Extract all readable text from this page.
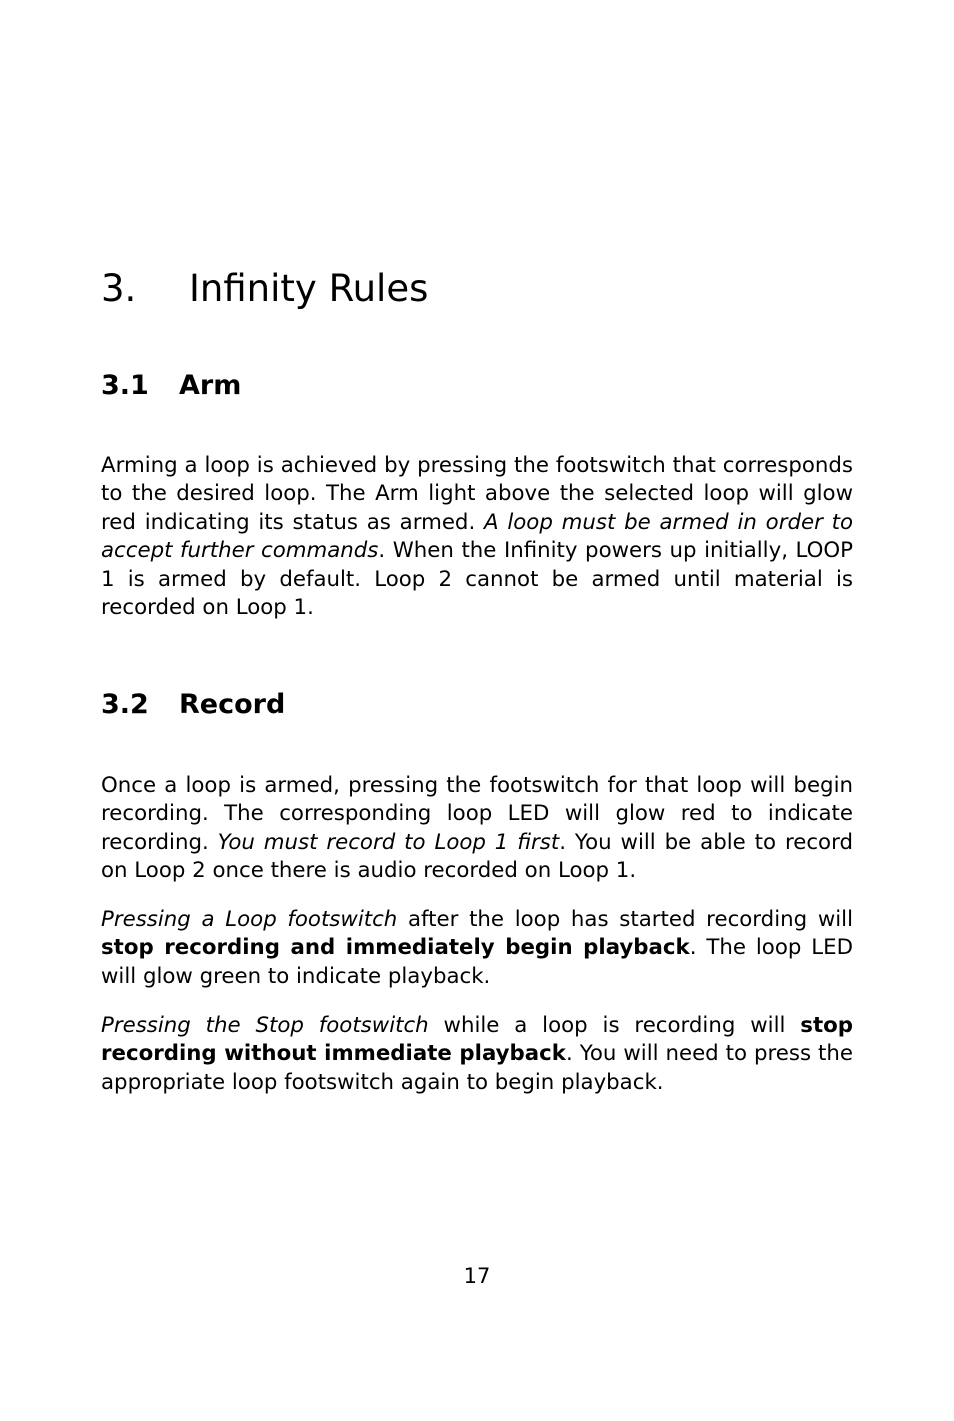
3. Infinity Rules
3.1 Arm

Arming a loop is achieved by pressing the footswitch that corresponds to the desired loop. The Arm light above the selected loop will glow red indicating its status as armed. A loop must be armed in order to accept further commands. When the Infinity powers up initially, LOOP 1 is armed by default. Loop 2 cannot be armed until material is recorded on Loop 1.

3.2 Record

Once a loop is armed, pressing the footswitch for that loop will begin recording. The corresponding loop LED will glow red to indicate recording. You must record to Loop 1 first. You will be able to record on Loop 2 once there is audio recorded on Loop 1.

Pressing a Loop footswitch after the loop has started recording will stop recording and immediately begin playback. The loop LED will glow green to indicate playback.

Pressing the Stop footswitch while a loop is recording will stop recording without immediate playback. You will need to press the appropriate loop footswitch again to begin playback.

17
